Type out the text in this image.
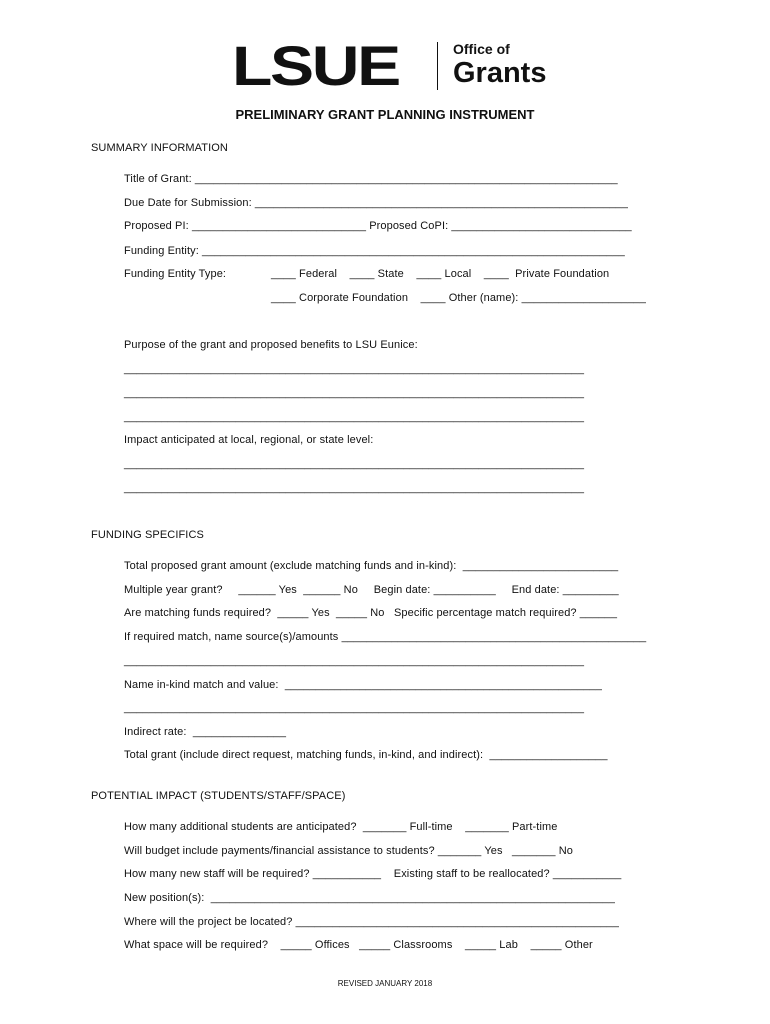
LSUE	Office of
Grants
PRELIMINARY GRANT PLANNING INSTRUMENT
SUMMARY INFORMATION
Title of Grant: ____________________________________________________________________
Due Date for Submission: ____________________________________________________________
Proposed PI: ____________________________ Proposed CoPI: _____________________________
Funding Entity: ____________________________________________________________________
Funding Entity Type:	____ Federal    ____ State    ____ Local    ____  Private Foundation
____ Corporate Foundation    ____ Other (name): ____________________
Purpose of the grant and proposed benefits to LSU Eunice:
__________________________________________________________________________
__________________________________________________________________________
__________________________________________________________________________
Impact anticipated at local, regional, or state level:
__________________________________________________________________________
__________________________________________________________________________
FUNDING SPECIFICS
Total proposed grant amount (exclude matching funds and in-kind):  _________________________
Multiple year grant?     ______ Yes  ______ No     Begin date: __________     End date: _________
Are matching funds required?  _____ Yes  _____ No   Specific percentage match required? ______
If required match, name source(s)/amounts _________________________________________________
__________________________________________________________________________
Name in-kind match and value:  ___________________________________________________
__________________________________________________________________________
Indirect rate:  _______________
Total grant (include direct request, matching funds, in-kind, and indirect):  ___________________
POTENTIAL IMPACT (STUDENTS/STAFF/SPACE)
How many additional students are anticipated?  _______ Full-time    _______ Part-time
Will budget include payments/financial assistance to students? _______ Yes   _______ No
How many new staff will be required? ___________    Existing staff to be reallocated? ___________
New position(s):  _________________________________________________________________
Where will the project be located? ____________________________________________________
What space will be required?    _____ Offices   _____ Classrooms    _____ Lab    _____ Other
REVISED JANUARY 2018
